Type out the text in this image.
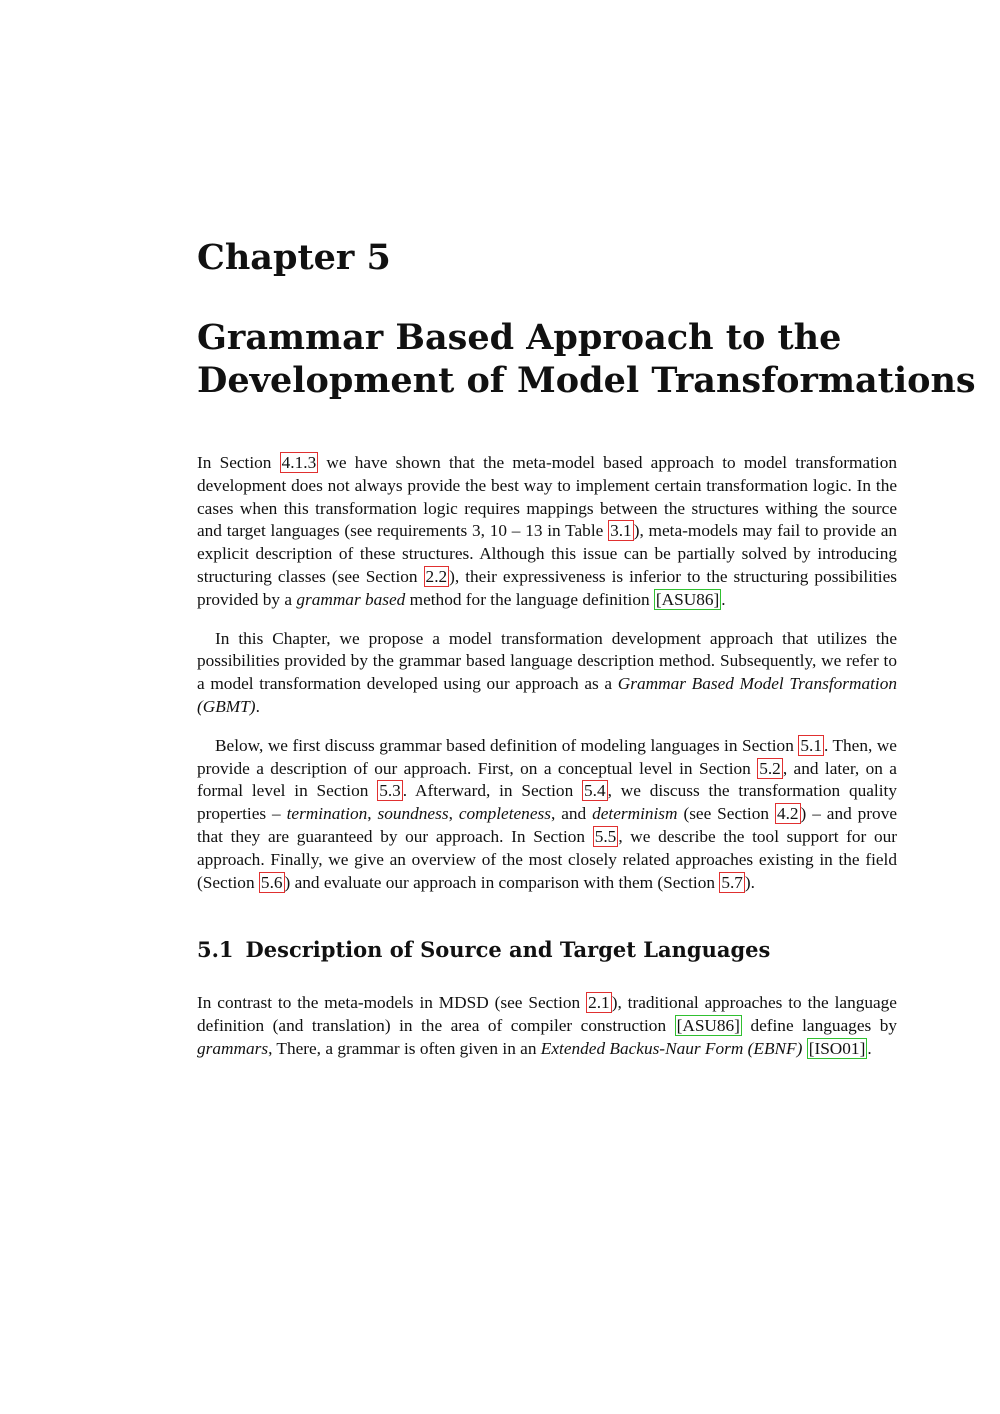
Chapter 5
Grammar Based Approach to the
Development of Model Transformations

In Section 4.1.3 we have shown that the meta-model based approach to model transformation development does not always provide the best way to implement certain transformation logic. In the cases when this transformation logic requires mappings between the structures withing the source and target languages (see requirements 3, 10 – 13 in Table 3.1 ), meta-models may fail to provide an explicit description of these structures. Although this issue can be partially solved by introducing structuring classes (see Section 2.2 ), their expressiveness is inferior to the structuring possibilities provided by a grammar based method for the language definition [ASU86] .

In this Chapter, we propose a model transformation development approach that utilizes the possibilities provided by the grammar based language description method. Subsequently, we refer to a model transformation developed using our approach as a Grammar Based Model Transformation (GBMT).

Below, we first discuss grammar based definition of modeling languages in Section 5.1 . Then, we provide a description of our approach. First, on a conceptual level in Section 5.2 , and later, on a formal level in Section 5.3 . Afterward, in Section 5.4 , we discuss the transformation quality properties – termination, soundness, completeness, and determinism (see Section 4.2 ) – and prove that they are guaranteed by our approach. In Section 5.5 , we describe the tool support for our approach. Finally, we give an overview of the most closely related approaches existing in the field (Section 5.6 ) and evaluate our approach in comparison with them (Section 5.7 ).

5.1 Description of Source and Target Languages

In contrast to the meta-models in MDSD (see Section 2.1 ), traditional approaches to the language definition (and translation) in the area of compiler construction [ASU86] define languages by grammars, There, a grammar is often given in an Extended Backus-Naur Form (EBNF) [ISO01] .
